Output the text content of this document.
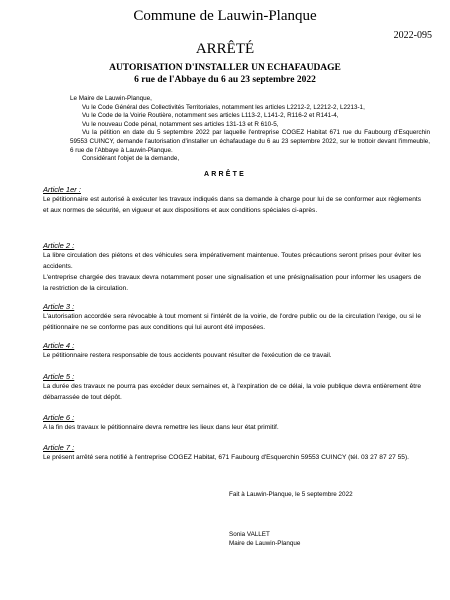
Commune de Lauwin-Planque
2022-095
ARRÊTÉ
AUTORISATION D'INSTALLER UN ECHAFAUDAGE
6 rue de l'Abbaye du 6 au 23 septembre 2022
Le Maire de Lauwin-Planque,
Vu le Code Général des Collectivités Territoriales, notamment les articles L2212-2, L2212-2, L2213-1,
Vu le Code de la Voirie Routière, notamment ses articles L113-2, L141-2, R116-2 et R141-4,
Vu le nouveau Code pénal, notamment ses articles 131-13 et R 610-5,
Vu la pétition en date du 5 septembre 2022 par laquelle l'entreprise COGEZ Habitat 671 rue du Faubourg d'Esquerchin 59553 CUINCY, demande l'autorisation d'installer un échafaudage du 6 au 23 septembre 2022, sur le trottoir devant l'immeuble, 6 rue de l'Abbaye à Lauwin-Planque.
Considérant l'objet de la demande,
ARRÊTE
Article 1er :
Le pétitionnaire est autorisé à exécuter les travaux indiqués dans sa demande à charge pour lui de se conformer aux règlements et aux normes de sécurité, en vigueur et aux dispositions et aux conditions spéciales ci-après.
Article 2 :
La libre circulation des piétons et des véhicules sera impérativement maintenue. Toutes précautions seront prises pour éviter les accidents.
L'entreprise chargée des travaux devra notamment poser une signalisation et une présignalisation pour informer les usagers de la restriction de la circulation.
Article 3 :
L'autorisation accordée sera révocable à tout moment si l'intérêt de la voirie, de l'ordre public ou de la circulation l'exige, ou si le pétitionnaire ne se conforme pas aux conditions qui lui auront été imposées.
Article 4 :
Le pétitionnaire restera responsable de tous accidents pouvant résulter de l'exécution de ce travail.
Article 5 :
La durée des travaux ne pourra pas excéder deux semaines et, à l'expiration de ce délai, la voie publique devra entièrement être débarrassée de tout dépôt.
Article 6 :
A la fin des travaux le pétitionnaire devra remettre les lieux dans leur état primitif.
Article 7 :
Le présent arrêté sera notifié à l'entreprise COGEZ Habitat, 671 Faubourg d'Esquerchin 59553 CUINCY (tél. 03 27 87 27 55).
Fait à Lauwin-Planque, le 5 septembre 2022
Sonia VALLET
Maire de Lauwin-Planque
